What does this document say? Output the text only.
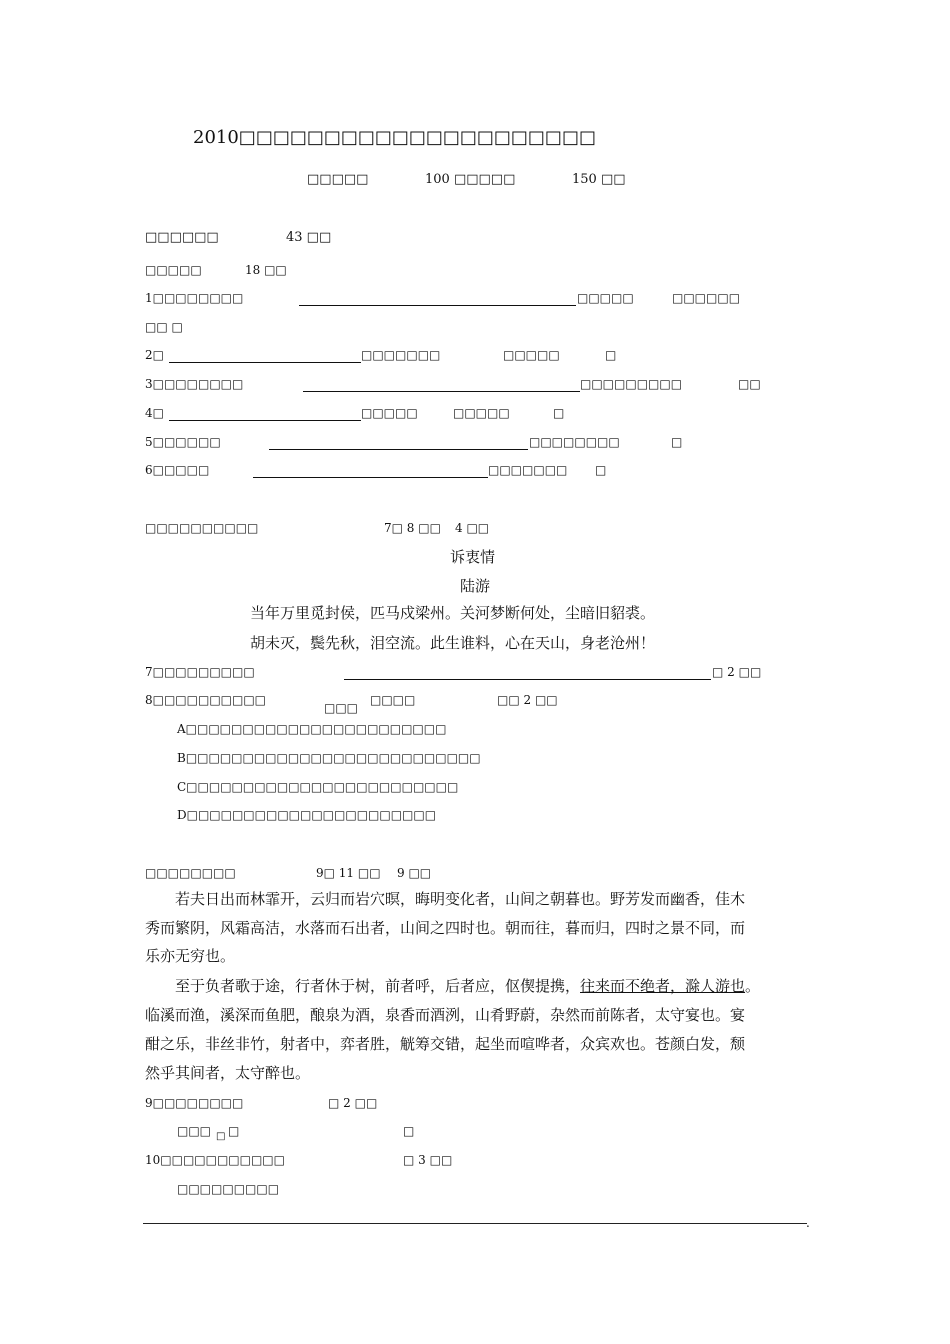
2010□□□□□□□□□□□□□□□□□□□□□
□□□□□	100 □□□□□	150 □□
□□□□□□	43 □□
□□□□□	18 □□
1□□□□□□□□	□□□□□	□□□□□□
□□ □
2□	□□□□□□□	□□□□□	□
3□□□□□□□□	□□□□□□□□□	□□
4□	□□□□□	□□□□□	□
5□□□□□□	□□□□□□□□	□
6□□□□□	□□□□□□□ □
□□□□□□□□□□	7□ 8 □□ 4 □□
诉衷情
陆游
当年万里觅封侯，匹马戍梁州。关河梦断何处，尘暗旧貂裘。
胡未灭，鬓先秋，泪空流。此生谁料，心在天山，身老沧州！
7□□□□□□□□□	□ 2 □□
8□□□□□□□□□□
□□□
□□□□	□□ 2 □□
A□□□□□□□□□□□□□□□□□□□□□□□
B□□□□□□□□□□□□□□□□□□□□□□□□□□
C□□□□□□□□□□□□□□□□□□□□□□□□
D□□□□□□□□□□□□□□□□□□□□□□
□□□□□□□□	9□ 11 □□ 9 □□
　　若夫日出而林霏开，云归而岩穴暝，晦明变化者，山间之朝暮也。野芳发而幽香，佳木
秀而繁阴，风霜高洁，水落而石出者，山间之四时也。朝而往，暮而归，四时之景不同，而
乐亦无穷也。
　　至于负者歌于途，行者休于树，前者呼，后者应，伛偰提携，往来而不绝者，滁人游也。
临溪而渔，溪深而鱼肥，酿泉为酒，泉香而酒洌，山肴野蔚，杂然而前陈者，太守宴也。宴
酣之乐，非丝非竹，射者中，弈者胜，觥筹交错，起坐而喧哗者，众宾欢也。苍颜白发，颓
然乎其间者，太守醉也。
9□□□□□□□□	□ 2 □□
□□□ □ □	□
10□□□□□□□□□□□	□ 3 □□
□□□□□□□□□
.
